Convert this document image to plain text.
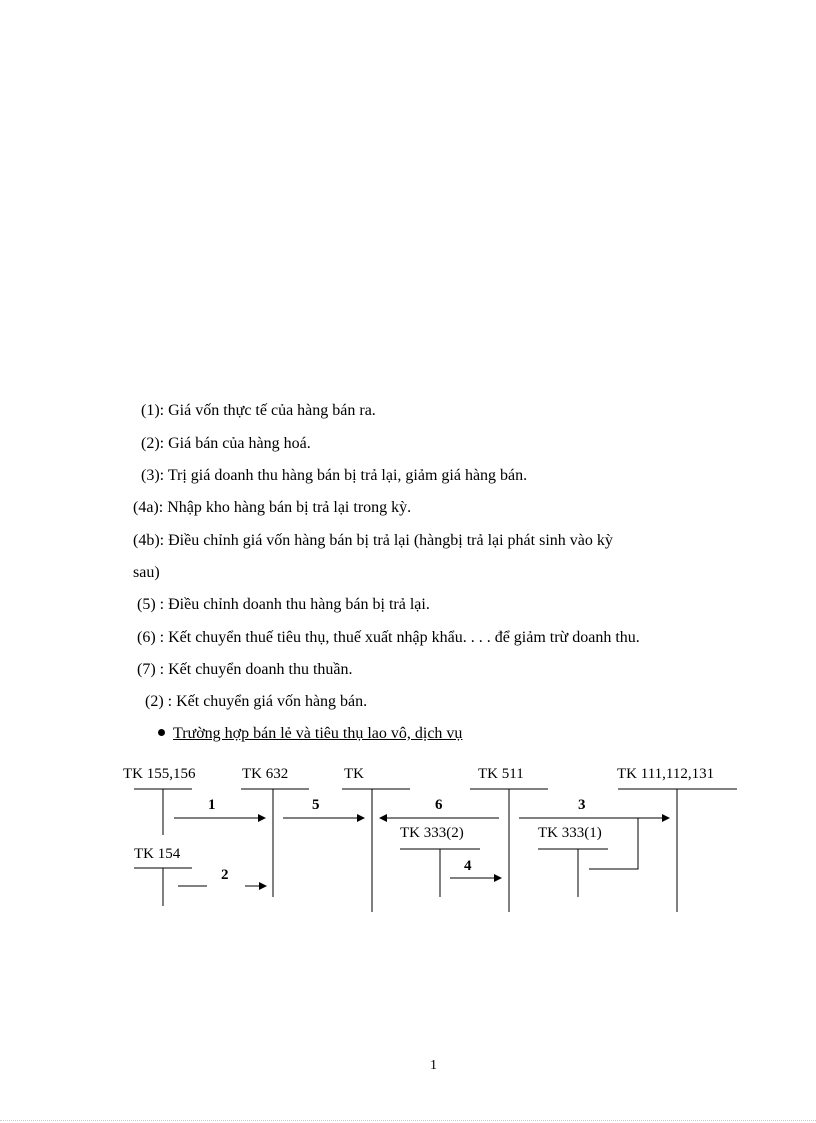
(1): Giá vốn thực tế của hàng bán ra.
(2): Giá bán của hàng hoá.
(3): Trị giá doanh thu hàng bán bị trả lại, giảm giá hàng bán.
(4a): Nhập kho hàng bán bị trả lại trong kỳ.
(4b): Điều chỉnh giá vốn hàng bán bị trả lại (hàngbị trả lại phát sinh vào kỳ
sau)
(5) : Điều chỉnh doanh thu hàng bán bị trả lại.
(6) : Kết chuyển thuế tiêu thụ, thuế xuất nhập khẩu. . . . để giảm trừ doanh thu.
(7) : Kết chuyển doanh thu thuần.
(2) : Kết chuyển giá vốn hàng bán.
Trường hợp bán lẻ và tiêu thụ lao vô, dịch vụ
TK 155,156	TK 632	TK	TK 511	TK 111,112,131
TK 154
TK 333(2)	TK 333(1)
1	5	6	3
4
2
1
